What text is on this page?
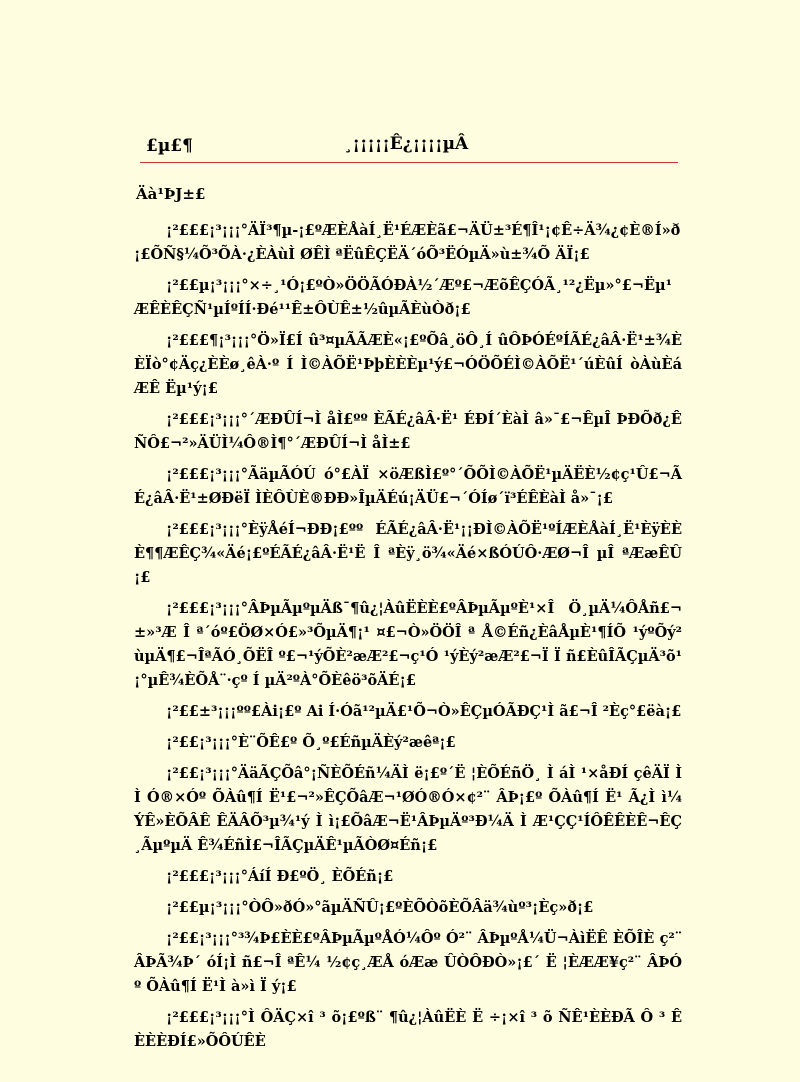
£µ£¶	¸¡¡¡¡¡Ê¿¡¡¡¡µÂ
Äà¹ÞJ±£

¡²£££¡³¡¡¡°ÄÏ³¶µ-¡£ºÆÈÅàÍ¸Ë¹ÉÆÈã£¬ÄÜ±³É¶Î¹¡¢Ê÷Ä¾¿¢È®Í»ð¡£ÕÑ§¼Õ³ÕÀ·¿ÈÀùÌ ØÊÌ ªËûÊÇËÄ´óÕ³ËÓµÄ»ù±¾Õ ÄÏ¡£

¡²££µ¡³¡¡¡°×÷¸¹Ó¡£ºÒ»ÖÖÃÓÐÀ½´Æº£¬ÆõÊÇÓÃ¸¹²¿Ëµ»°£¬Ëµ¹ÆÊÈÊÇÑ¹µÍºÍÍ·Ðé¹¹Ê±ÔÙÊ±½ûµÃÈùÒð¡£

¡²£££¶¡³¡¡¡°Ö»Ï£Í û³¤µÃÃÆÈ«¡£ºÕâ¸öÔ¸Í ûÔÞÓÉºÍÃÉ¿âÂ·Ë¹±¾ÈÈÏò°¢Äç¿ÈÈø¸êÀ·º Í Ì©ÀÕË¹ÞþÈÈÈµ¹ý£¬ÓÖÕÉÌ©ÀÕË¹´úÈûÍ òÀùÈáÆÊ Ëµ¹ý¡£

¡²£££¡³¡¡¡°´ÆÐÛÍ¬Ì åÌ£ºº ÈÃÉ¿âÂ·Ë¹ ÉÐÍ´ÈàÌ â»¯£¬ÊµÎ ÞÐÕð¿ÊÑÔ£¬²»ÄÜÌ¼Ô®Ì¶°´ÆÐÛÍ¬Ì åÌ±£

¡²£££¡³¡¡¡°ÃäµÃÓÚ ó°£ÀÏ ×öÆßÌ£º°´ÕÕÌ©ÀÕË¹µÄËÈ½¢ç¹Û£¬ÃÉ¿âÂ·Ë¹±ØÐëÏ ÌÈÔÙÈ®ÐÐ»ÎµÄÉú¡ÄÜ£¬´ÓÍø´ï³ÉÊÈàÌ å»¯¡£

¡²£££¡³¡¡¡°ÈÿÅéÍ¬ÐÐ¡£ºº ÉÃÉ¿âÂ·Ë¹¡¡ÐÌ©ÀÕË¹ºÍÆÈÅàÍ¸Ë¹ÈÿÈÈÈ¶¶ÆÊÇ¾«Äé¡£ºÉÃÉ¿âÂ·Ë¹Ë Î ªÈÿ¸ö¾«Äé×ßÓÚÔ·ÆØ¬Î µÎ ªÆæÊÛ¡£

¡²£££¡³¡¡¡°ÂÞµÃµºµÄß¯¶û¿¦ÀûËÈÈ£ºÂÞµÃµºÈ¹×Î Ö¸µÄ¼ÔÅñ£¬±»³Æ Î ª´óº£ÖØ×Ó£»³ÕµÄ¶¡¹ ¤£¬Ò»ÖÖÎ ª Å©Éñ¿ÈâÅµÈ¹¶ÍÕ ¹ýºÕý²ùµÄ¶£¬ÎªÃÓ¸ÕËÎ º£¬¹ýÕÈ²æÆ²£¬ç¹Ó ¹ýÈý²æÆ²£¬Ï Ï ñ£ÈûÎÃÇµÄ³õ¹¡°µÊ¾ÈÕÅ¨·çº Í µÄ²ºÀ°ÕÈêö³õÄÉ¡£

¡²££±³¡¡¡ºº£Ài¡£º Ai Í·Óã¹²µÄ£¹Õ¬Ò»ÊÇµÓÃÐÇ¹Ì ã£¬Î ²Èç°£ëà¡£

¡²££¡³¡¡¡°È¨ÕÊ£º Õ¸º£ÉñµÄÈý²æêª¡£

¡²££¡³¡¡¡°ÄäÃÇÕâ°¡ÑÈÕÉñ¼ÄÌ ë¡£º´Ë ¦ÈÕÉñÖ¸ Ì áÌ ¹×åÐÍ çêÄÏ Ì Ì Ó®×Óº ÕÀû¶Í Ë¹£¬²»ÊÇÕâÆ¬¹ØÓ®Ó×¢²¨ ÂÞ¡£º ÕÀû¶Í Ë¹ Ã¿Ì ì¼ÝÊ»ÈÕÂÊ ÊÄÂÕ³µ¾¹ý Ì ì¡£ÕâÆ¬Ë¹ÂÞµÄº³Ð¼Ä Ì Æ¹ÇÇ¹ÍÔÊÊÈÊ¬ÊÇ¸ÃµºµÄ Ê¾ÉñÌ£¬ÎÃÇµÄÊ¹µÃÒØ¤Éñ¡£

¡²£££¡³¡¡¡°ÁíÍ Ð£ºÖ¸ ÈÕÉñ¡£

¡²££µ¡³¡¡¡°ÒÔ»ðÓ»°ãµÄÑÛ¡£ºÈÕÒõÈÕÂä¾ùº³¡Èç»ð¡£

¡²££¡³¡¡¡°³¾Þ£ÈÈ£ºÂÞµÃµºÅÓ¼Ôº Ó²¨ ÂÞµºÅ¼Ü¬ÀìËÊ ÈÕÎÈ ç²¨ ÂÞÃ¾Þ´ óÍ¡Ì ñ£¬Î ªÊ¼ ½¢ç¸ÆÅ óÆæ ÛÒÔÐÒ»¡£´ Ë ¦ÈÆÆ¥ç²¨ ÂÞÓº ÕÀû¶Í Ë¹Ì à»ì Ï ý¡£

¡²£££¡³¡¡¡°Ì ÔÄÇ×î ³ õ¡£ºß¨ ¶û¿¦ÀûËÈ Ë ÷¡×î ³ õ ÑÊ¹ÈÈÐÃ Ô ³ ÊÈÈÈÐÍ£»ÕÔÚÊÈ
